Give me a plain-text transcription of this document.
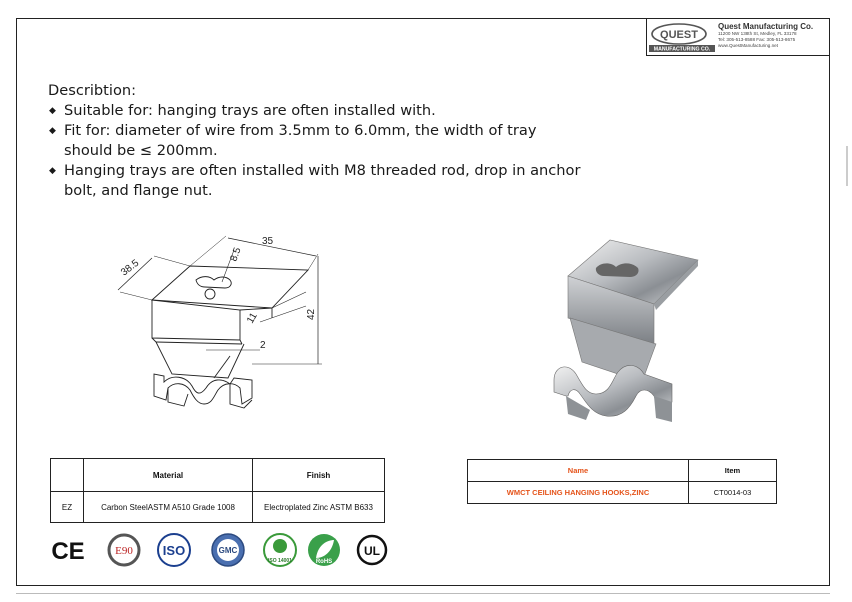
QUEST
MANUFACTURING CO.
Quest Manufacturing Co.
11200 NW 138th St, Medley, FL 33178
Tel: 305-513-8588 Fax: 305-513-8675
www.QuestManufacturing.net

Describtion:

◆ Suitable for: hanging trays are often installed with.
◆ Fit for: diameter of wire from 3.5mm to 6.0mm, the width of tray should be ≤ 200mm.
◆ Hanging trays are often installed with M8 threaded rod, drop in anchor bolt, and flange nut.
38.5
35
8.5
11	42
2
	Material	Finish
EZ	Carbon SteelASTM A510 Grade 1008	Electroplated Zinc ASTM B633
Name	Item
WMCT CEILING HANGING HOOKS,ZINC	CT0014-03
CE	E90 ISO	GMC
ISO 14001	RoHS
UL
